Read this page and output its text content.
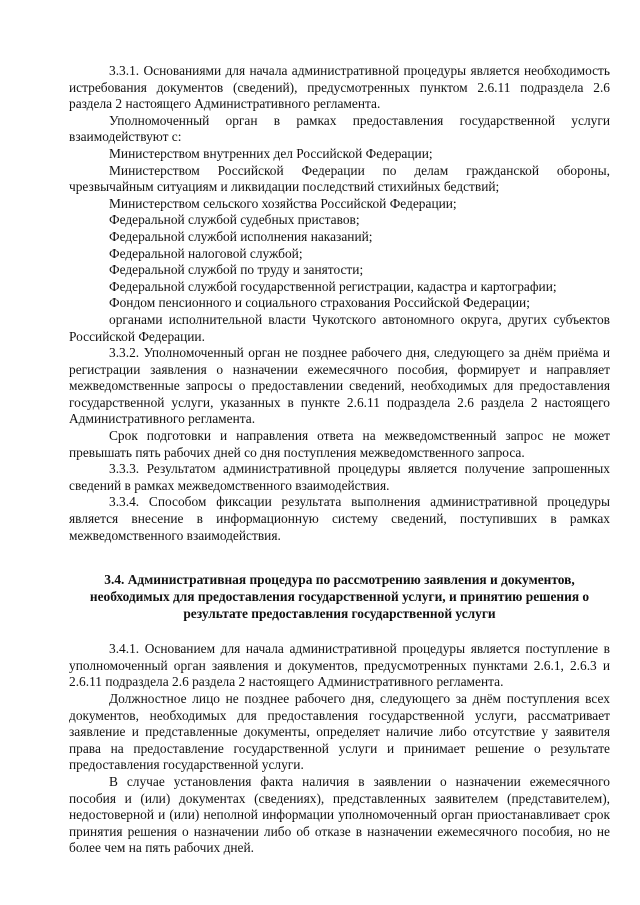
3.3.1. Основаниями для начала административной процедуры является необходимость истребования документов (сведений), предусмотренных пунктом 2.6.11 подраздела 2.6 раздела 2 настоящего Административного регламента.

Уполномоченный орган в рамках предоставления государственной услуги взаимодействуют с:

Министерством внутренних дел Российской Федерации;

Министерством Российской Федерации по делам гражданской обороны, чрезвычайным ситуациям и ликвидации последствий стихийных бедствий;

Министерством сельского хозяйства Российской Федерации;

Федеральной службой судебных приставов;

Федеральной службой исполнения наказаний;

Федеральной налоговой службой;

Федеральной службой по труду и занятости;

Федеральной службой государственной регистрации, кадастра и картографии;

Фондом пенсионного и социального страхования Российской Федерации;

органами исполнительной власти Чукотского автономного округа, других субъектов Российской Федерации.

3.3.2. Уполномоченный орган не позднее рабочего дня, следующего за днём приёма и регистрации заявления о назначении ежемесячного пособия, формирует и направляет межведомственные запросы о предоставлении сведений, необходимых для предоставления государственной услуги, указанных в пункте 2.6.11 подраздела 2.6 раздела 2 настоящего Административного регламента.

Срок подготовки и направления ответа на межведомственный запрос не может превышать пять рабочих дней со дня поступления межведомственного запроса.

3.3.3. Результатом административной процедуры является получение запрошенных сведений в рамках межведомственного взаимодействия.

3.3.4. Способом фиксации результата выполнения административной процедуры является внесение в информационную систему сведений, поступивших в рамках межведомственного взаимодействия.

3.4. Административная процедура по рассмотрению заявления и документов,

необходимых для предоставления государственной услуги, и принятию решения о

результате предоставления государственной услуги

3.4.1. Основанием для начала административной процедуры является поступление в уполномоченный орган заявления и документов, предусмотренных пунктами 2.6.1, 2.6.3 и 2.6.11 подраздела 2.6 раздела 2 настоящего Административного регламента.

Должностное лицо не позднее рабочего дня, следующего за днём поступления всех документов, необходимых для предоставления государственной услуги, рассматривает заявление и представленные документы, определяет наличие либо отсутствие у заявителя права на предоставление государственной услуги и принимает решение о результате предоставления государственной услуги.

В случае установления факта наличия в заявлении о назначении ежемесячного пособия и (или) документах (сведениях), представленных заявителем (представителем), недостоверной и (или) неполной информации уполномоченный орган приостанавливает срок принятия решения о назначении либо об отказе в назначении ежемесячного пособия, но не более чем на пять рабочих дней.
